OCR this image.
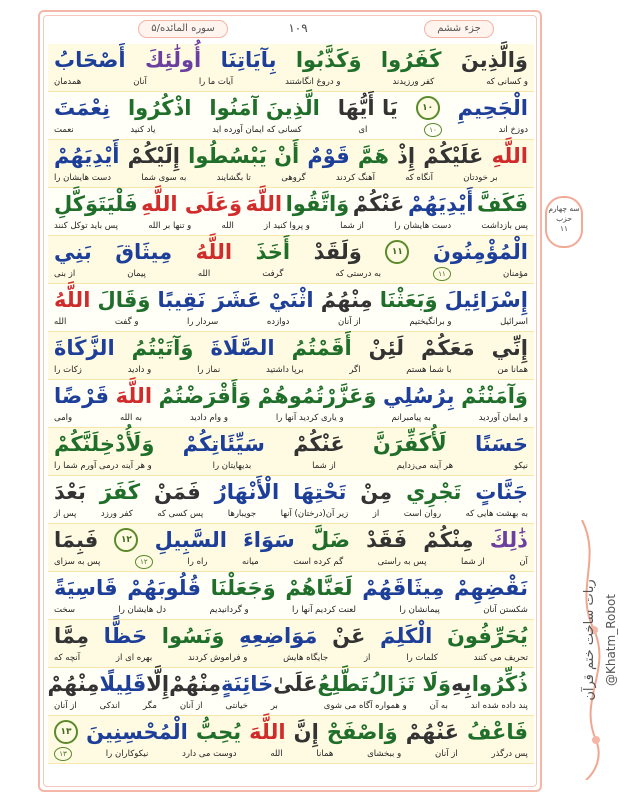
سوره المائده/۵	۱۰۹	جزء ششم
وَالَّذِينَ
كَفَرُوا
وَكَذَّبُوا
بِآيَاتِنَا
أُولَٰئِكَ
أَصْحَابُ
و کسانی که
کفر ورزیدند
و دروغ انگاشتند
آیات ما را
آنان
همدمان
الْجَحِيمِ
۱۰
يَا أَيُّهَا
الَّذِينَ آمَنُوا
اذْكُرُوا
نِعْمَتَ
دوزخ اند
۱۰
ای
کسانی که ایمان آورده اید
یاد کنید
نعمت
اللَّهِ
عَلَيْكُمْ
إِذْ
هَمَّ
قَوْمٌ
أَنْ يَبْسُطُوا
إِلَيْكُمْ
أَيْدِيَهُمْ
بر خودتان
آنگاه که
آهنگ کردند
گروهی
تا بگشایند
به سوی شما
دست هایشان را
فَكَفَّ
أَيْدِيَهُمْ
عَنْكُمْ
وَاتَّقُوا
اللَّهَ
وَعَلَى اللَّهِ
فَلْيَتَوَكَّلِ
پس بازداشت
دست هایشان را
از شما
و پروا کنید از
الله
و تنها بر الله
پس باید توکل کنند
الْمُؤْمِنُونَ
۱۱
وَلَقَدْ
أَخَذَ
اللَّهُ
مِيثَاقَ
بَنِي
مؤمنان
۱۱
به درستی که
گرفت
الله
پیمان
از بنی
إِسْرَائِيلَ
وَبَعَثْنَا
مِنْهُمُ
اثْنَيْ عَشَرَ
نَقِيبًا
وَقَالَ
اللَّهُ
اسرائیل
و برانگیختیم
از آنان
دوازده
سردار را
و گفت
الله
إِنِّي
مَعَكُمْ
لَئِنْ
أَقَمْتُمُ
الصَّلَاةَ
وَآتَيْتُمُ
الزَّكَاةَ
همانا من
با شما هستم
اگر
برپا داشتید
نماز را
و دادید
زکات را
وَآمَنْتُمْ
بِرُسُلِي
وَعَزَّرْتُمُوهُمْ
وَأَقْرَضْتُمُ
اللَّهَ
قَرْضًا
و ایمان آوردید
به پیامبرانم
و یاری کردید آنها را
و وام دادید
به الله
وامی
حَسَنًا
لَأُكَفِّرَنَّ
عَنْكُمْ
سَيِّئَاتِكُمْ
وَلَأُدْخِلَنَّكُمْ
نیکو
هر آینه می‌زدایم
از شما
بدیهایتان را
و هر آینه درمی آورم شما را
جَنَّاتٍ
تَجْرِي
مِنْ
تَحْتِهَا
الْأَنْهَارُ
فَمَنْ
كَفَرَ
بَعْدَ
به بهشت هایی که
روان است
از
زیر آن(درختان) آنها
جویبارها
پس کسی که
کفر ورزد
پس از
ذَٰلِكَ
مِنْكُمْ
فَقَدْ
ضَلَّ
سَوَاءَ
السَّبِيلِ
۱۲
فَبِمَا
آن
از شما
پس به راستی
گم کرده است
میانه
راه را
۱۲
پس به سزای
نَقْضِهِمْ
مِيثَاقَهُمْ
لَعَنَّاهُمْ
وَجَعَلْنَا
قُلُوبَهُمْ
قَاسِيَةً
شکستن آنان
پیمانشان را
لعنت کردیم آنها را
و گردانیدیم
دل هایشان را
سخت
يُحَرِّفُونَ
الْكَلِمَ
عَنْ
مَوَاضِعِهِ
وَنَسُوا
حَظًّا
مِمَّا
تحریف می کنند
کلمات را
از
جایگاه هایش
و فراموش کردند
بهره ای از
آنچه که
ذُكِّرُوا
بِهِ
وَلَا تَزَالُ
تَطَّلِعُ
عَلَىٰ
خَائِنَةٍ
مِنْهُمْ
إِلَّا
قَلِيلًا
مِنْهُمْ
پند داده شده اند
به آن
و همواره آگاه می شوی
بر
خیانتی
از آنان
مگر
اندکی
از آنان
فَاعْفُ
عَنْهُمْ
وَاصْفَحْ
إِنَّ
اللَّهَ
يُحِبُّ
الْمُحْسِنِينَ
۱۳
پس درگذر
از آنان
و ببخشای
همانا
الله
دوست می دارد
نیکوکاران را
۱۳
سه چهارم
حزب
۱۱
ربات ساخت ختم قرآن @Khatm_Robot
